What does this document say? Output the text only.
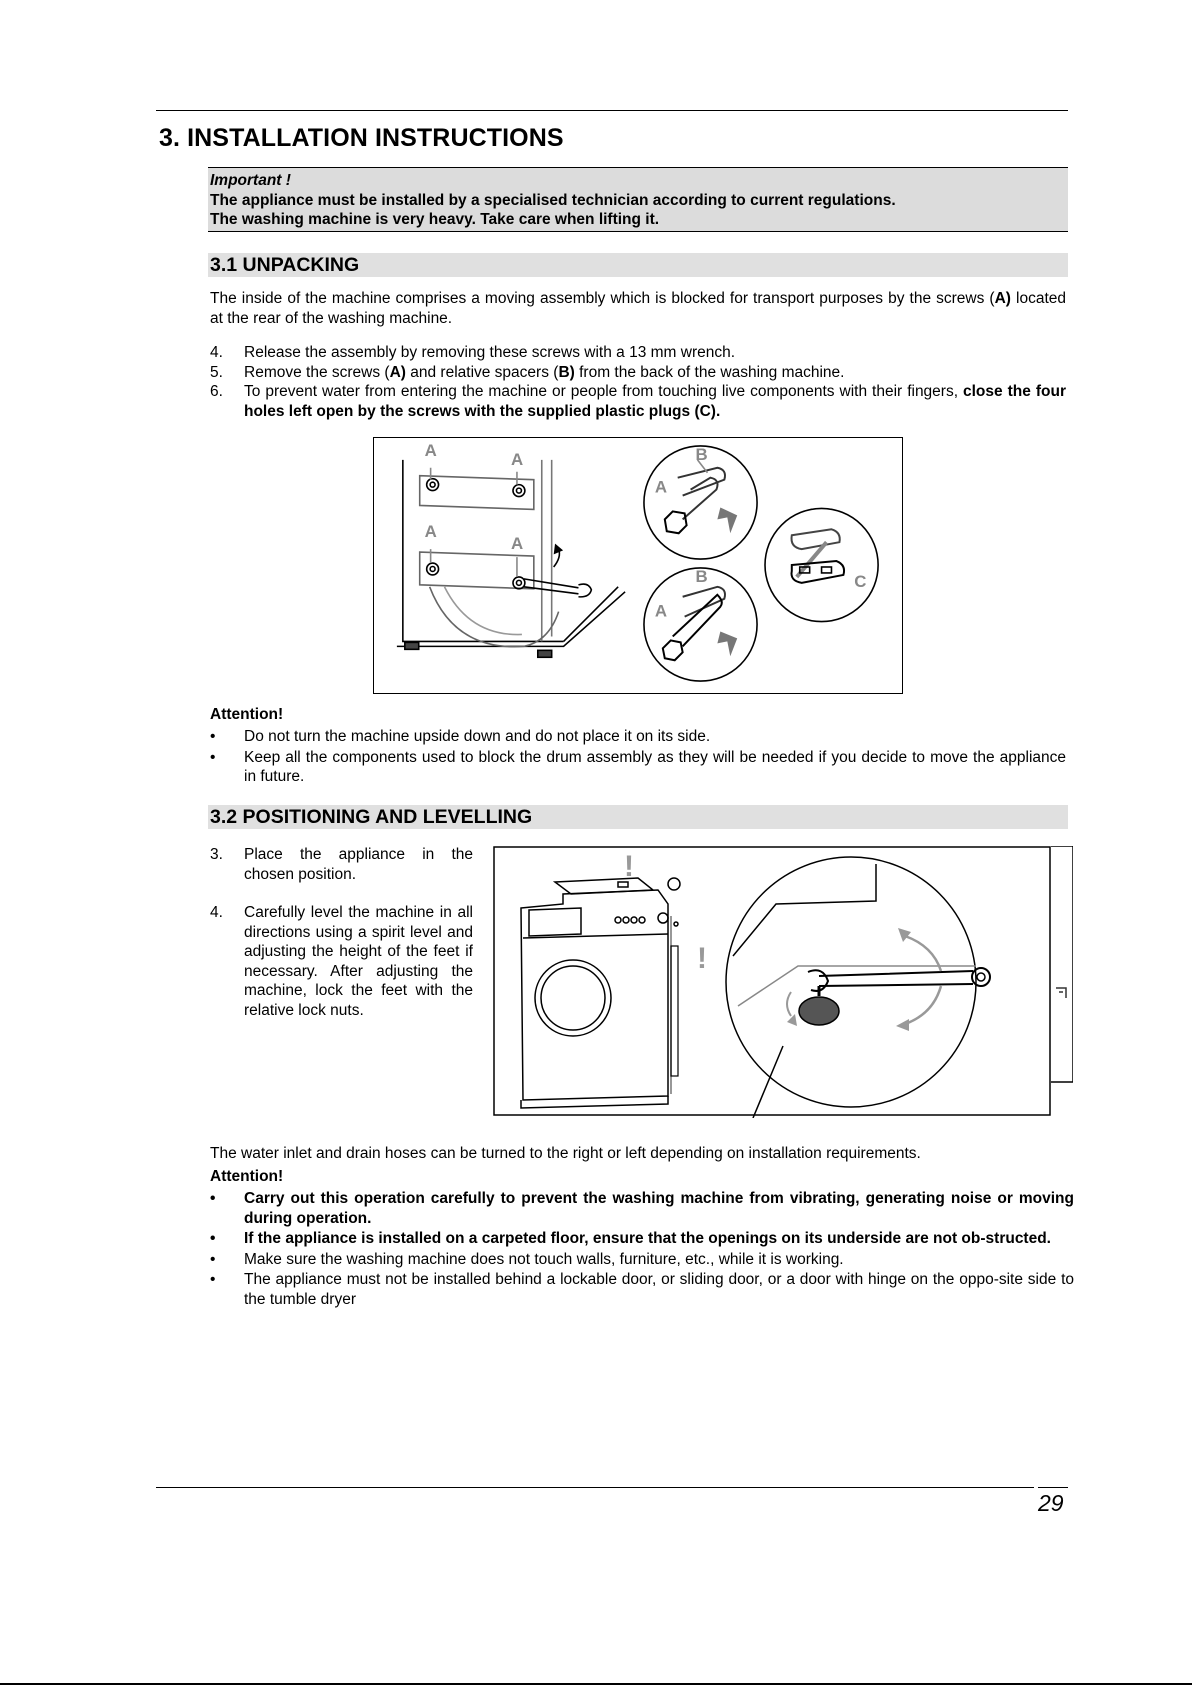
3. INSTALLATION INSTRUCTIONS
Important !
The appliance must be installed by a specialised technician according to current regulations.
The washing machine is very heavy. Take care when lifting it.
3.1 UNPACKING

The inside of the machine comprises a moving assembly which is blocked for transport purposes by the screws (A) located at the rear of the washing machine.

4. Release the assembly by removing these screws with a 13 mm wrench.
5. Remove the screws (A) and relative spacers (B) from the back of the washing machine.
6. To prevent water from entering the machine or people from touching live components with their fingers, close the four holes left open by the screws with the supplied plastic plugs (C).
A	A
A
A
A
B
A
B	C
Attention!
• Do not turn the machine upside down and do not place it on its side.
• Keep all the components used to block the drum assembly as they will be needed if you decide to move the appliance in future.
3.2 POSITIONING AND LEVELLING
3. Place the appliance in the chosen position.
4. Carefully level the machine in all directions using a spirit level and adjusting the height of the feet if necessary. After adjusting the machine, lock the feet with the relative lock nuts.
!
!

The water inlet and drain hoses can be turned to the right or left depending on installation requirements.

Attention!
• Carry out this operation carefully to prevent the washing machine from vibrating, generating noise or moving during operation.
• If the appliance is installed on a carpeted floor, ensure that the openings on its underside are not ob-structed.
• Make sure the washing machine does not touch walls, furniture, etc., while it is working.
• The appliance must not be installed behind a lockable door, or sliding door, or a door with hinge on the oppo-site side to the tumble dryer
29
